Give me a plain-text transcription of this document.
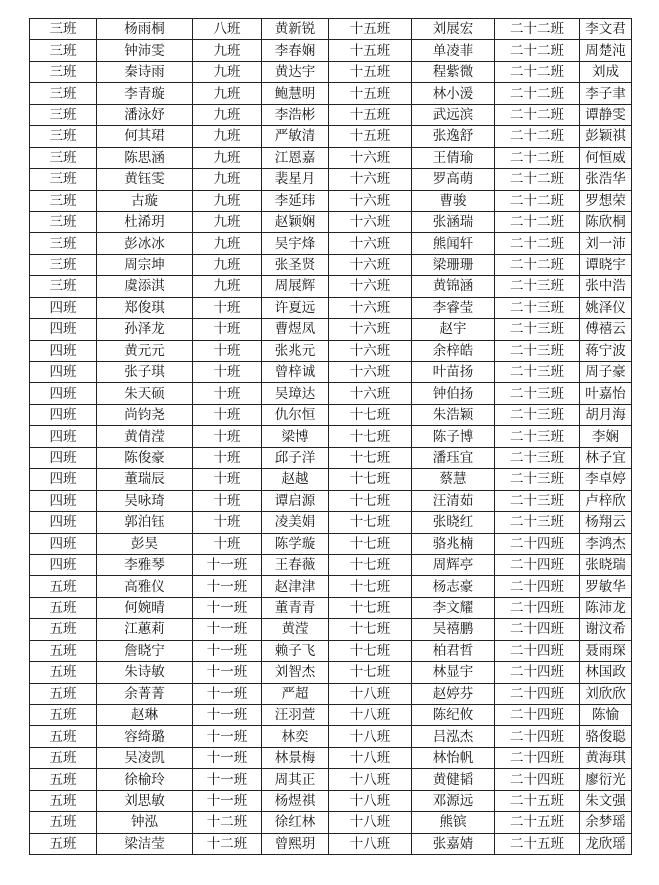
三班	杨雨桐	八班	黄新锐	十五班	刘展宏	二十二班	李文君
三班	钟沛雯	九班	李春娴	十五班	单凌菲	二十二班	周楚沌
三班	秦诗雨	九班	黄达宇	十五班	程紫微	二十二班	刘成
三班	李青璇	九班	鲍慧明	十五班	林小湲	二十二班	李子聿
三班	潘泳妤	九班	李浩彬	十五班	武远滨	二十二班	谭静雯
三班	何其珺	九班	严敏清	十五班	张逸舒	二十二班	彭颖祺
三班	陈思涵	九班	江恩嘉	十六班	王倩瑜	二十二班	何恒威
三班	黄钰雯	九班	裴星月	十六班	罗高萌	二十二班	张浩华
三班	古璇	九班	李延玮	十六班	曹骏	二十二班	罗想荣
三班	杜浠玥	九班	赵颖娴	十六班	张涵瑞	二十二班	陈欣桐
三班	彭冰冰	九班	吴宇烽	十六班	熊闻轩	二十二班	刘一沛
三班	周宗坤	九班	张圣贤	十六班	梁珊珊	二十二班	谭晓宇
三班	虞添淇	九班	周展辉	十六班	黄锦涵	二十三班	张中浩
四班	郑俊琪	十班	许夏远	十六班	李睿莹	二十三班	姚泽仪
四班	孙泽龙	十班	曹煜凤	十六班	赵宇	二十三班	傅禧云
四班	黄元元	十班	张兆元	十六班	余梓皓	二十三班	蒋宁波
四班	张子琪	十班	曾梓诚	十六班	叶苗扬	二十三班	周子豪
四班	朱天硕	十班	吴璋达	十六班	钟伯扬	二十三班	叶嘉怡
四班	尚钧尧	十班	仇尔恒	十七班	朱浩颖	二十三班	胡月海
四班	黄倩滢	十班	梁博	十七班	陈子博	二十三班	李娴
四班	陈俊豪	十班	邱子洋	十七班	潘珏宜	二十三班	林子宜
四班	董瑞辰	十班	赵越	十七班	蔡慧	二十三班	李卓婷
四班	吴咏琦	十班	谭启源	十七班	汪清茹	二十三班	卢梓欣
四班	郭泊钰	十班	凌美娟	十七班	张晓红	二十三班	杨翔云
四班	彭昊	十班	陈学璇	十七班	骆兆楠	二十四班	李鸿杰
四班	李雅琴	十一班	王春薇	十七班	周辉亭	二十四班	张晓瑞
五班	高雅仪	十一班	赵津津	十七班	杨志豪	二十四班	罗敏华
五班	何婉晴	十一班	董青青	十七班	李文耀	二十四班	陈沛龙
五班	江蕙莉	十一班	黄滢	十七班	吴禧鹏	二十四班	谢汶希
五班	詹晓宁	十一班	赖子飞	十七班	柏君哲	二十四班	聂雨琛
五班	朱诗敏	十一班	刘智杰	十七班	林显宇	二十四班	林国政
五班	余菁菁	十一班	严超	十八班	赵婷芬	二十四班	刘欣欣
五班	赵琳	十一班	汪羽萱	十八班	陈纪攸	二十四班	陈愉
五班	容绮璐	十一班	林奕	十八班	吕泓杰	二十四班	骆俊聪
五班	吴凌凯	十一班	林景梅	十八班	林怡帆	二十四班	黄海琪
五班	徐榆玲	十一班	周其正	十八班	黄健韬	二十四班	廖衍光
五班	刘思敏	十一班	杨煜祺	十八班	邓源远	二十五班	朱文强
五班	钟泓	十二班	徐红林	十八班	熊镔	二十五班	余梦瑶
五班	梁洁莹	十二班	曾熙玥	十八班	张嘉婧	二十五班	龙欣瑶
